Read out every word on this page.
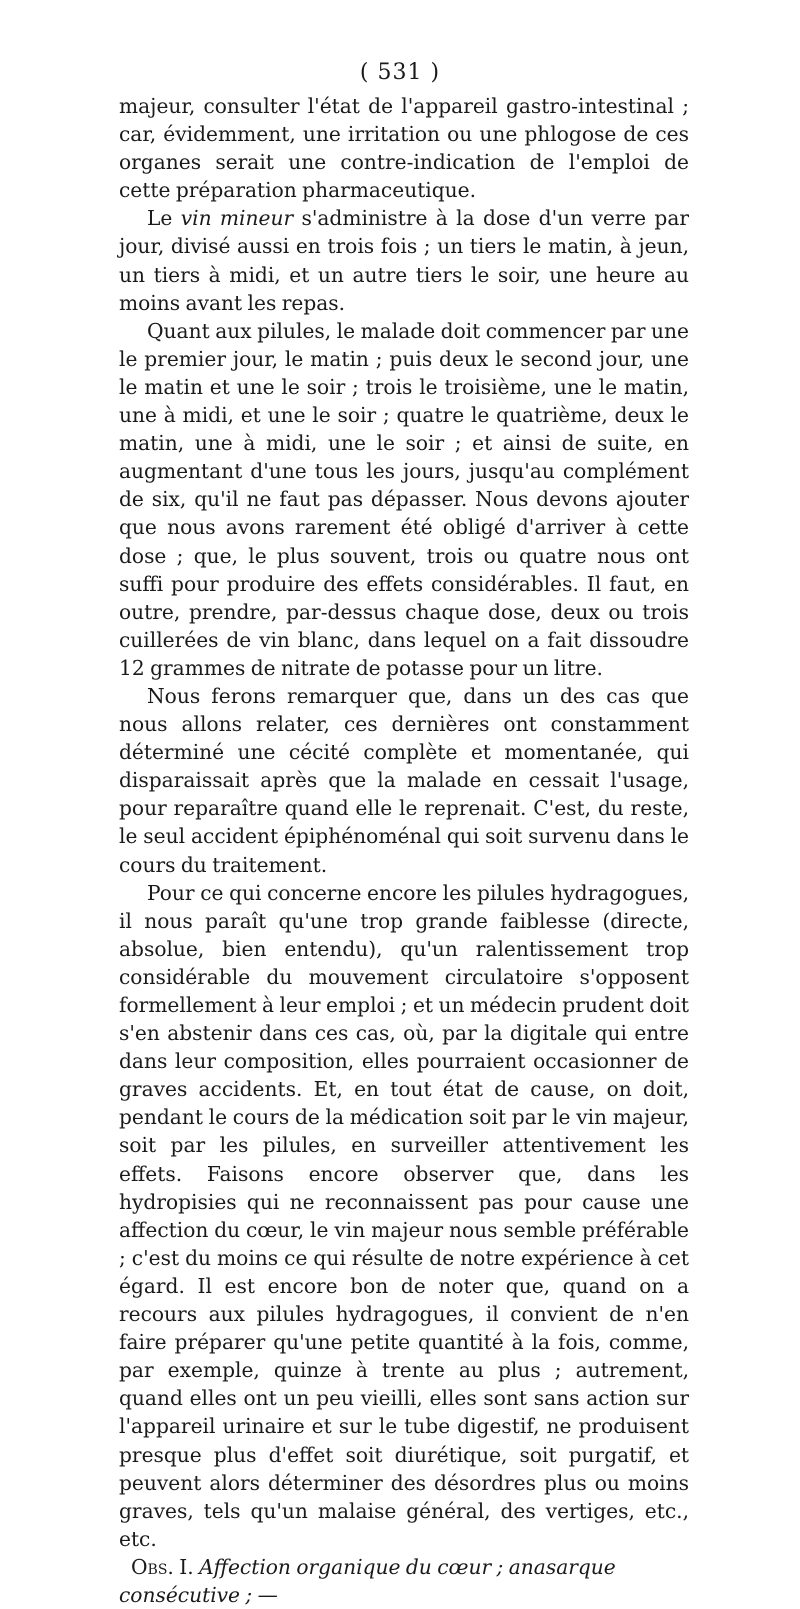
( 531 )

majeur, consulter l'état de l'appareil gastro-intestinal ; car, évidemment, une irritation ou une phlogose de ces organes serait une contre-indication de l'emploi de cette préparation pharmaceutique.

Le vin mineur s'administre à la dose d'un verre par jour, divisé aussi en trois fois ; un tiers le matin, à jeun, un tiers à midi, et un autre tiers le soir, une heure au moins avant les repas.

Quant aux pilules, le malade doit commencer par une le premier jour, le matin ; puis deux le second jour, une le matin et une le soir ; trois le troisième, une le matin, une à midi, et une le soir ; quatre le quatrième, deux le matin, une à midi, une le soir ; et ainsi de suite, en augmentant d'une tous les jours, jusqu'au complément de six, qu'il ne faut pas dépasser. Nous devons ajouter que nous avons rarement été obligé d'arriver à cette dose ; que, le plus souvent, trois ou quatre nous ont suffi pour produire des effets considérables. Il faut, en outre, prendre, par-dessus chaque dose, deux ou trois cuillerées de vin blanc, dans lequel on a fait dissoudre 12 grammes de nitrate de potasse pour un litre.

Nous ferons remarquer que, dans un des cas que nous allons relater, ces dernières ont constamment déterminé une cécité complète et momentanée, qui disparaissait après que la malade en cessait l'usage, pour reparaître quand elle le reprenait. C'est, du reste, le seul accident épiphénoménal qui soit survenu dans le cours du traitement.

Pour ce qui concerne encore les pilules hydragogues, il nous paraît qu'une trop grande faiblesse (directe, absolue, bien entendu), qu'un ralentissement trop considérable du mouvement circulatoire s'opposent formellement à leur emploi ; et un médecin prudent doit s'en abstenir dans ces cas, où, par la digitale qui entre dans leur composition, elles pourraient occasionner de graves accidents. Et, en tout état de cause, on doit, pendant le cours de la médication soit par le vin majeur, soit par les pilules, en surveiller attentivement les effets. Faisons encore observer que, dans les hydropisies qui ne reconnaissent pas pour cause une affection du cœur, le vin majeur nous semble préférable ; c'est du moins ce qui résulte de notre expérience à cet égard. Il est encore bon de noter que, quand on a recours aux pilules hydragogues, il convient de n'en faire préparer qu'une petite quantité à la fois, comme, par exemple, quinze à trente au plus ; autrement, quand elles ont un peu vieilli, elles sont sans action sur l'appareil urinaire et sur le tube digestif, ne produisent presque plus d'effet soit diurétique, soit purgatif, et peuvent alors déterminer des désordres plus ou moins graves, tels qu'un malaise général, des vertiges, etc., etc.

Obs. I. Affection organique du cœur ; anasarque consécutive ; —
